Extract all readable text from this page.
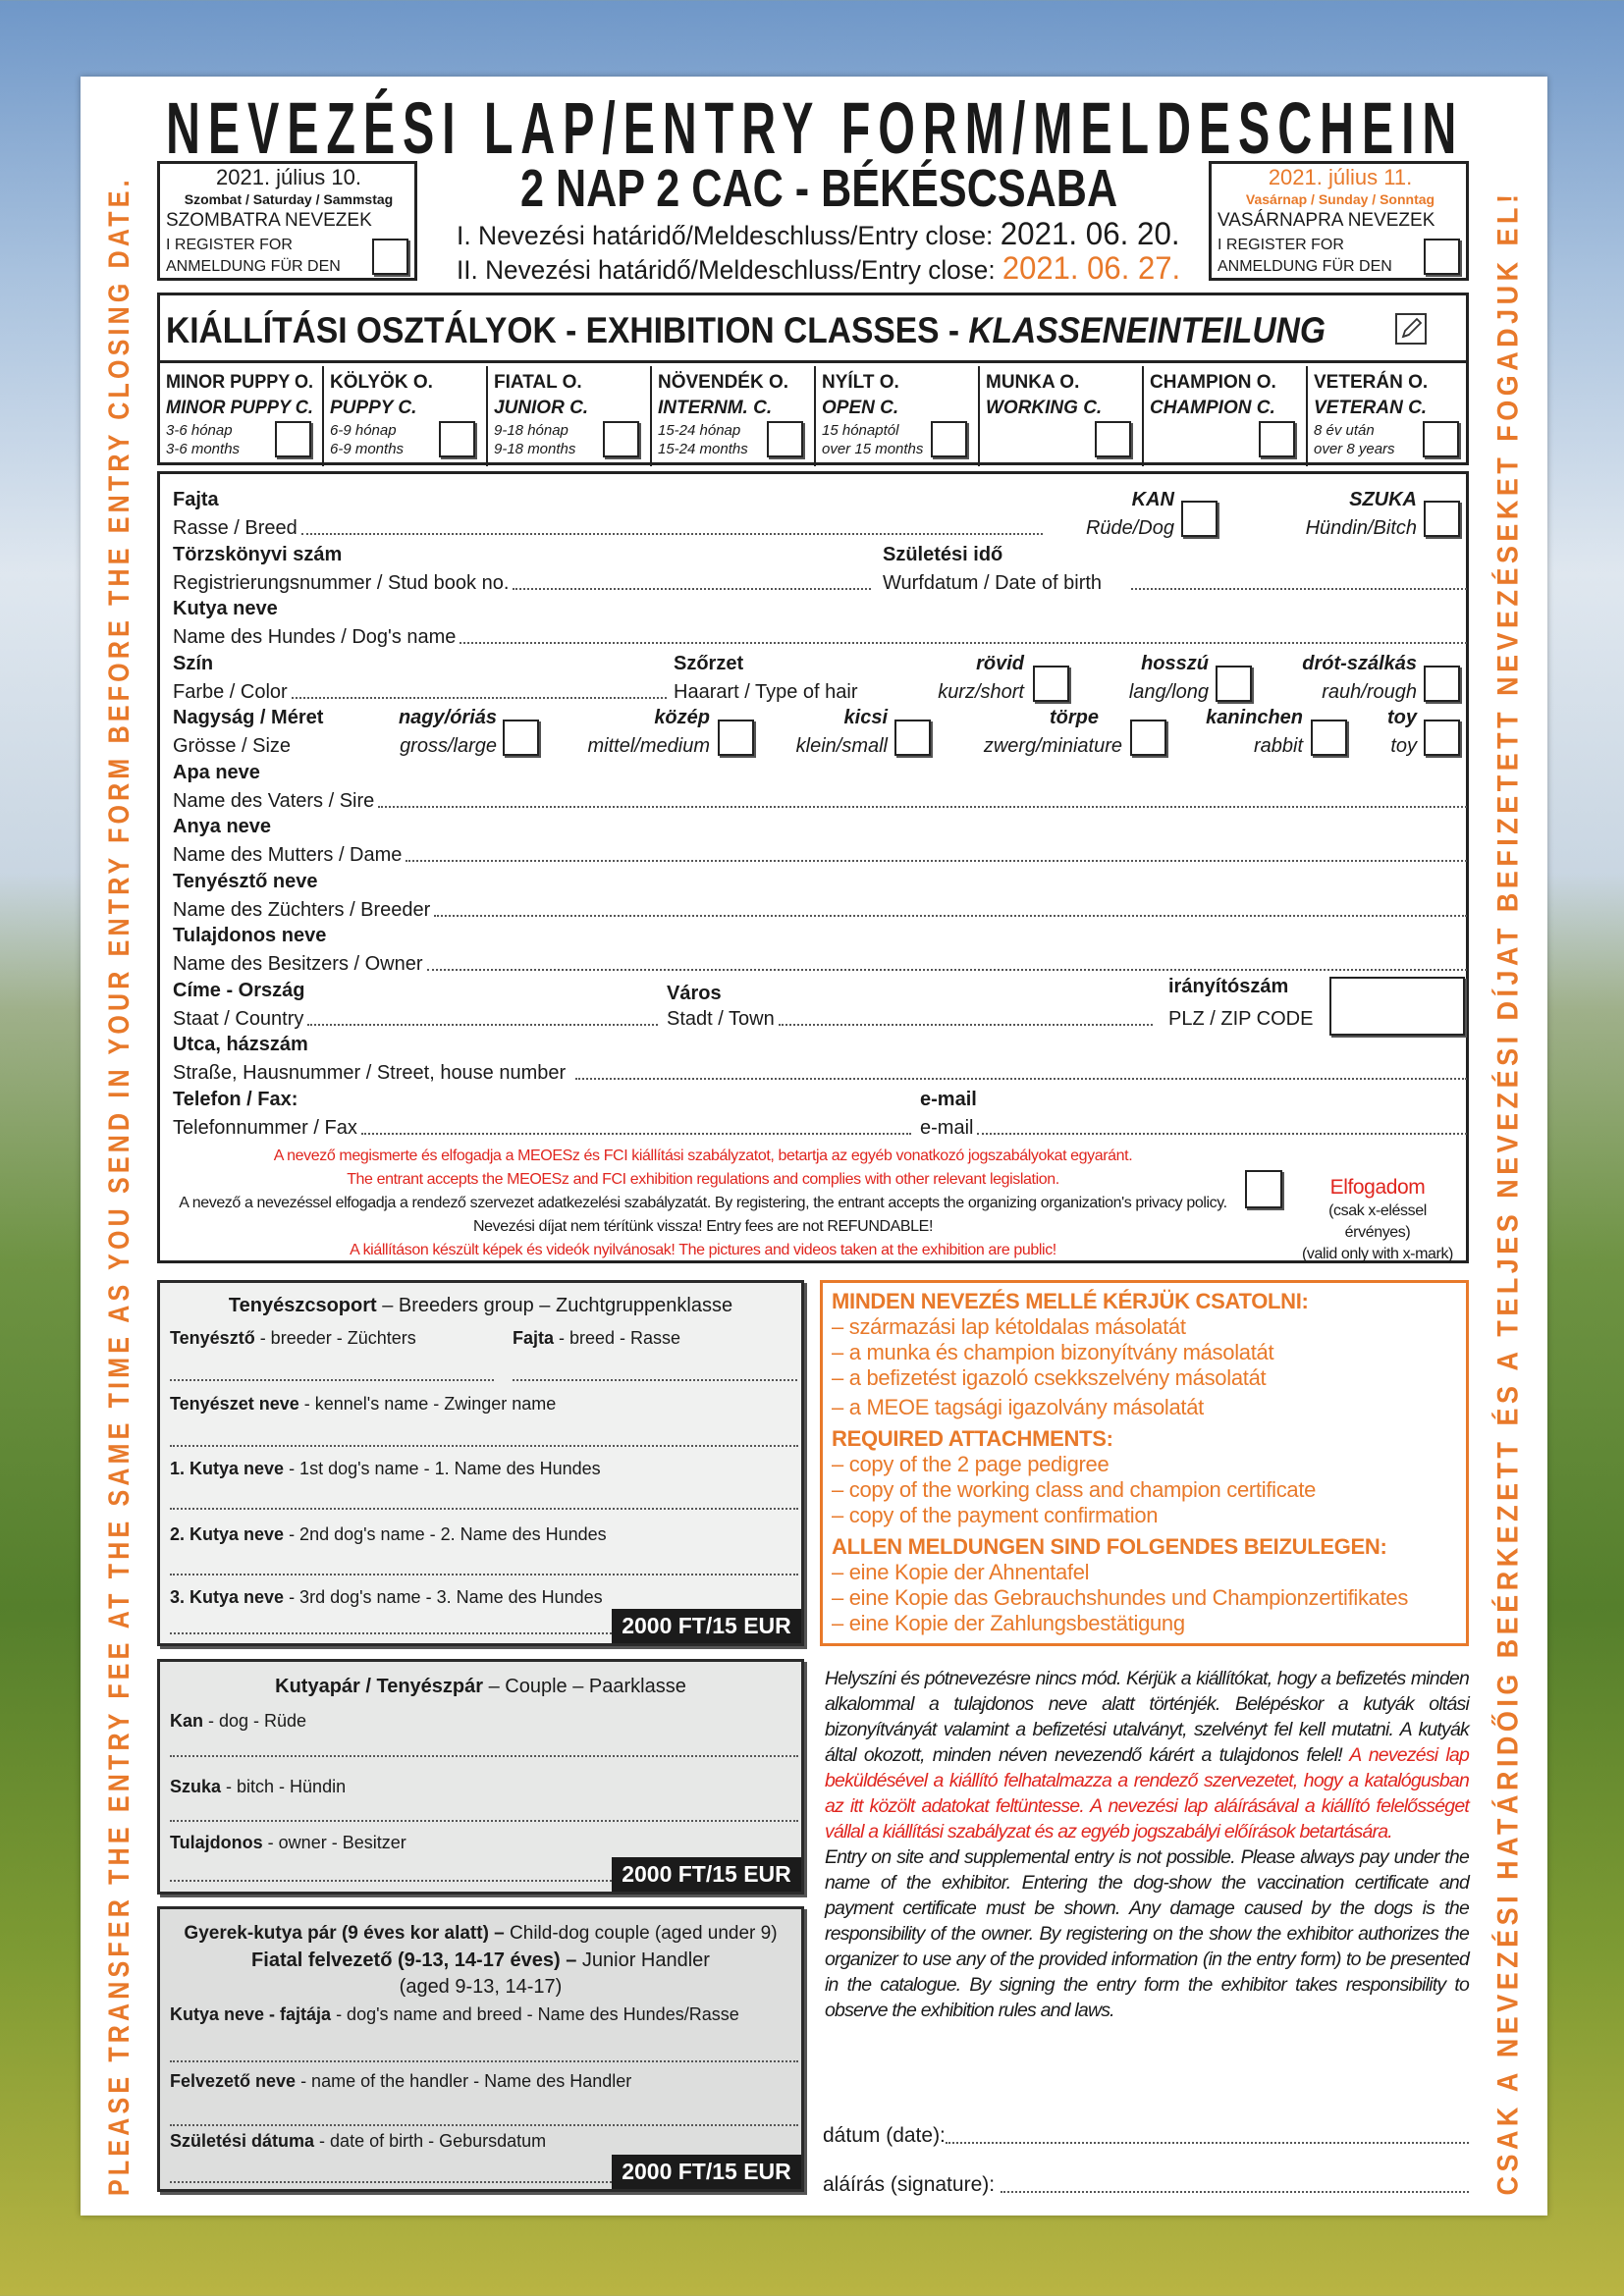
PLEASE TRANSFER THE ENTRY FEE AT THE SAME TIME AS YOU SEND IN YOUR ENTRY FORM BEFORE THE ENTRY CLOSING DATE.	CSAK A NEVEZÉSI HATÁRIDŐIG BEÉRKEZETT ÉS A TELJES NEVEZÉSI DÍJAT BEFIZETETT NEVEZÉSEKET FOGADJUK EL!
NEVEZÉSI LAP/ENTRY FORM/MELDESCHEIN
2021. július 10.
Szombat / Saturday / Sammstag
SZOMBATRA NEVEZEK
I REGISTER FOR
ANMELDUNG FÜR DEN
2021. július 11.
Vasárnap / Sunday / Sonntag
VASÁRNAPRA NEVEZEK
I REGISTER FOR
ANMELDUNG FÜR DEN
2 NAP 2 CAC - BÉKÉSCSABA
I. Nevezési határidő/Meldeschluss/Entry close: 2021. 06. 20.
II. Nevezési határidő/Meldeschluss/Entry close: 2021. 06. 27.
KIÁLLÍTÁSI OSZTÁLYOK - EXHIBITION CLASSES - KLASSENEINTEILUNG
MINOR PUPPY O.
MINOR PUPPY C.
3-6 hónap
3-6 months
KÖLYÖK O.
PUPPY C.
6-9 hónap
6-9 months
FIATAL O.
JUNIOR C.
9-18 hónap
9-18 months
NÖVENDÉK O.
INTERNM. C.
15-24 hónap
15-24 months
NYÍLT O.
OPEN C.
15 hónaptól
over 15 months
MUNKA O.
WORKING C.
CHAMPION O.
CHAMPION C.
VETERÁN O.
VETERAN C.
8 év után
over 8 years
Fajta
Rasse / Breed
KAN
Rüde/Dog
SZUKA
Hündin/Bitch
Törzskönyvi szám
Registrierungsnummer / Stud book no.
Születési idő
Wurfdatum / Date of birth
Kutya neve
Name des Hundes / Dog's name
Szín
Farbe / Color
Szőrzet
Haarart / Type of hair
rövid
kurz/short
hosszú
lang/long
drót-szálkás
rauh/rough
Nagyság / Méret
Grösse / Size
nagy/óriás
gross/large
közép
mittel/medium
kicsi
klein/small
törpe
zwerg/miniature
kaninchen
rabbit
toy
toy
Apa neve
Name des Vaters / Sire
Anya neve
Name des Mutters / Dame
Tenyésztő neve
Name des Züchters / Breeder
Tulajdonos neve
Name des Besitzers / Owner
Címe - Ország
Staat / Country
Város
Stadt / Town
irányítószám
PLZ / ZIP CODE
Utca, házszám
Straße, Hausnummer / Street, house number
Telefon / Fax:
Telefonnummer / Fax
e-mail
e-mail
A nevező megismerte és elfogadja a MEOESz és FCI kiállítási szabályzatot, betartja az egyéb vonatkozó jogszabályokat egyaránt.
The entrant accepts the MEOESz and FCI exhibition regulations and complies with other relevant legislation.
A nevező a nevezéssel elfogadja a rendező szervezet adatkezelési szabályzatát. By registering, the entrant accepts the organizing organization's privacy policy.
Nevezési díjat nem térítünk vissza! Entry fees are not REFUNDABLE!
A kiállításon készült képek és videók nyilvánosak! The pictures and videos taken at the exhibition are public!
Elfogadom
(csak x-eléssel érvényes)
(valid only with x-mark)
Tenyészcsoport – Breeders group – Zuchtgruppenklasse
Tenyésztő - breeder - Züchters	Fajta - breed - Rasse
Tenyészet neve - kennel's name - Zwinger name
1. Kutya neve - 1st dog's name - 1. Name des Hundes
2. Kutya neve - 2nd dog's name - 2. Name des Hundes
3. Kutya neve - 3rd dog's name - 3. Name des Hundes
2000 FT/15 EUR
Kutyapár / Tenyészpár – Couple – Paarklasse
Kan - dog - Rüde
Szuka - bitch - Hündin
Tulajdonos - owner - Besitzer
2000 FT/15 EUR
Gyerek-kutya pár (9 éves kor alatt) – Child-dog couple (aged under 9)
Fiatal felvezető (9-13, 14-17 éves) – Junior Handler
(aged 9-13, 14-17)
Kutya neve - fajtája - dog's name and breed - Name des Hundes/Rasse
Felvezető neve - name of the handler - Name des Handler
Születési dátuma - date of birth - Gebursdatum
2000 FT/15 EUR
MINDEN NEVEZÉS MELLÉ KÉRJÜK CSATOLNI:
– származási lap kétoldalas másolatát
– a munka és champion bizonyítvány másolatát
– a befizetést igazoló csekkszelvény másolatát
– a MEOE tagsági igazolvány másolatát
REQUIRED ATTACHMENTS:
– copy of the 2 page pedigree
– copy of the working class and champion certificate
– copy of the payment confirmation
ALLEN MELDUNGEN SIND FOLGENDES BEIZULEGEN:
– eine Kopie der Ahnentafel
– eine Kopie das Gebrauchshundes und Championzertifikates
– eine Kopie der Zahlungsbestätigung
Helyszíni és pótnevezésre nincs mód. Kérjük a kiállítókat, hogy a befizetés minden alkalommal a tulajdonos neve alatt történjék. Belépéskor a kutyák oltási bizonyítványát valamint a befizetési utalványt, szelvényt fel kell mutatni. A kutyák által okozott, minden néven nevezendő kárért a tulajdonos felel! A nevezési lap beküldésével a kiállító felhatalmazza a rendező szervezetet, hogy a katalógusban az itt közölt adatokat feltüntesse. A nevezési lap aláírásával a kiállító felelősséget vállal a kiállítási szabályzat és az egyéb jogszabályi előírások betartására.
Entry on site and supplemental entry is not possible. Please always pay under the name of the exhibitor. Entering the dog-show the vaccination certificate and payment certificate must be shown. Any damage caused by the dogs is the responsibility of the owner. By registering on the show the exhibitor authorizes the organizer to use any of the provided information (in the entry form) to be presented in the catalogue. By signing the entry form the exhibitor takes responsibility to observe the exhibition rules and laws.
dátum (date):
aláírás (signature):
